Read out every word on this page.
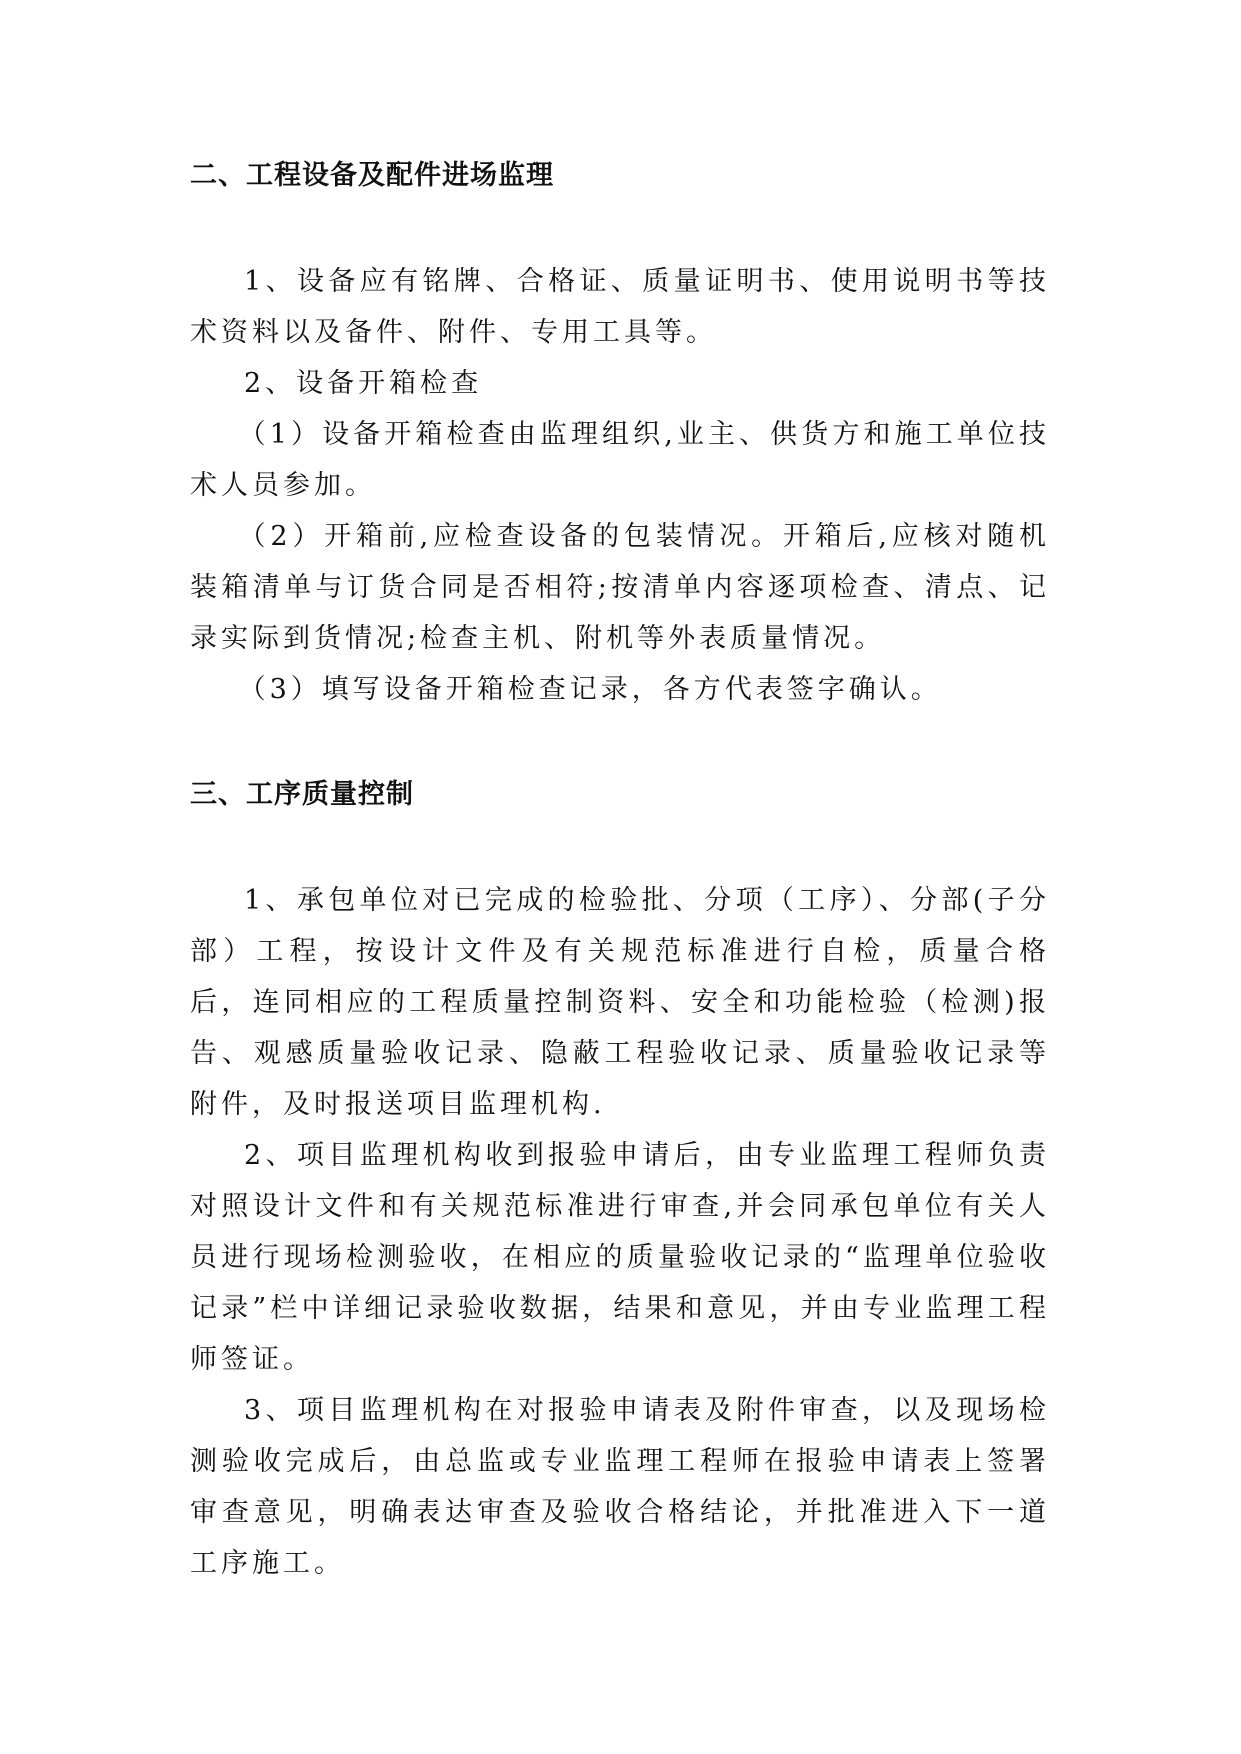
二、工程设备及配件进场监理

1、设备应有铭牌、合格证、质量证明书、使用说明书等技术资料以及备件、附件、专用工具等。

2、设备开箱检查

（1）设备开箱检查由监理组织,业主、供货方和施工单位技术人员参加。

（2）开箱前,应检查设备的包装情况。开箱后,应核对随机装箱清单与订货合同是否相符;按清单内容逐项检查、清点、记录实际到货情况;检查主机、附机等外表质量情况。

（3）填写设备开箱检查记录，各方代表签字确认。

三、工序质量控制

1、承包单位对已完成的检验批、分项（工序）、分部(子分部）工程，按设计文件及有关规范标准进行自检，质量合格后，连同相应的工程质量控制资料、安全和功能检验（检测)报告、观感质量验收记录、隐蔽工程验收记录、质量验收记录等附件，及时报送项目监理机构.

2、项目监理机构收到报验申请后，由专业监理工程师负责对照设计文件和有关规范标准进行审查,并会同承包单位有关人员进行现场检测验收，在相应的质量验收记录的“监理单位验收记录”栏中详细记录验收数据，结果和意见，并由专业监理工程师签证。

3、项目监理机构在对报验申请表及附件审查，以及现场检测验收完成后，由总监或专业监理工程师在报验申请表上签署审查意见，明确表达审查及验收合格结论，并批准进入下一道工序施工。
